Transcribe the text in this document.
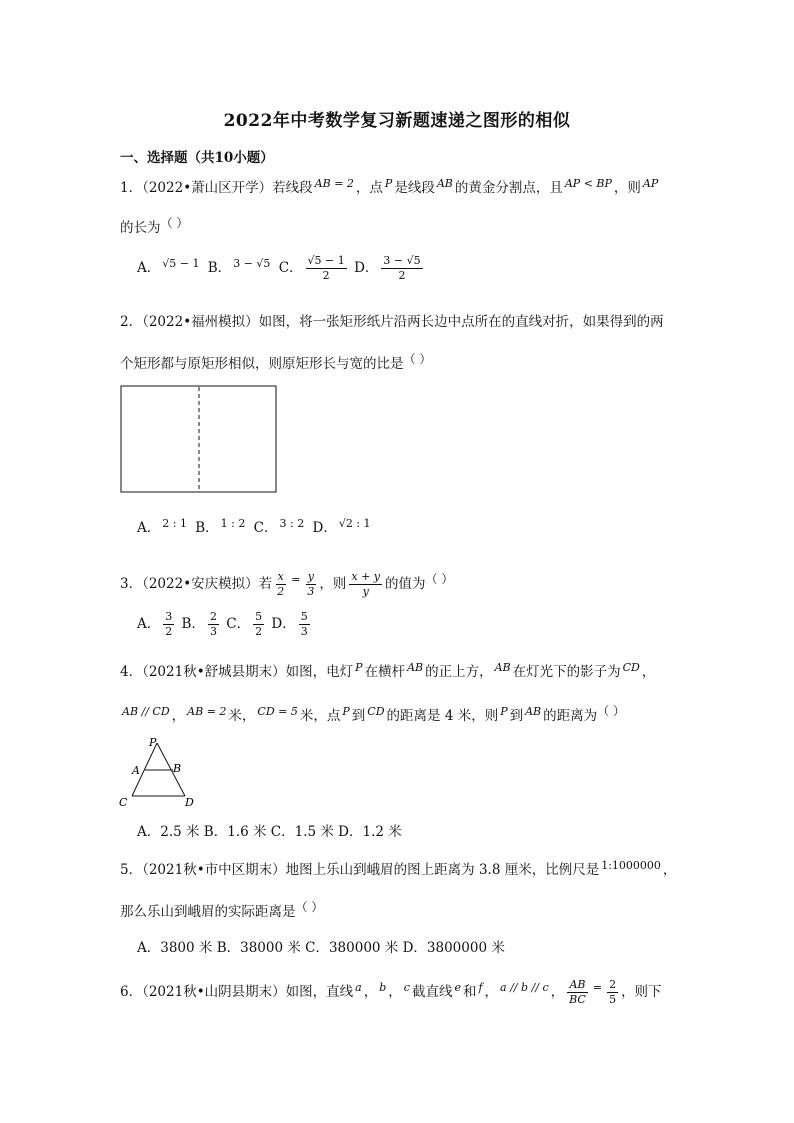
2022年中考数学复习新题速递之图形的相似
一、选择题（共10小题）
1．（2022•萧山区开学）若线段 $^{AB = 2}$ ，点 $^P$ 是线段 $^{AB}$ 的黄金分割点，且 $^{AP < BP}$ ，则 $^{AP}$
的长为（ ）
A． $^{√5 - 1}$ B． $^{3 - √5}$ C． $\frac{√5 - 1}{2}$ D． $\frac{3 - √5}{2}$
2．（2022•福州模拟）如图，将一张矩形纸片沿两长边中点所在的直线对折，如果得到的两
个矩形都与原矩形相似，则原矩形长与宽的比是（ ）
A． $^{2 : 1}$ B． $^{1 : 2}$ C． $^{3 : 2}$ D． $^{√2 : 1}$
3．（2022•安庆模拟）若 $\frac{x}{2} ^= \frac{y}{3}$ ，则 $\frac{x + y}{y}$ 的值为（ ）
A． $\frac{3}{2}$ B． $\frac{2}{3}$ C． $\frac{5}{2}$ D． $\frac{5}{3}$
4．（2021秋•舒城县期末）如图，电灯 $^P$ 在横杆 $^{AB}$ 的正上方， $^{AB}$ 在灯光下的影子为 $^{CD}$ ，
$^{AB // CD}$ ， $^{AB = 2}$ 米， $^{CD = 5}$ 米，点 $^P$ 到 $^{CD}$ 的距离是 4 米，则 $^P$ 到 $^{AB}$ 的距离为（ ）
P
A	B
C	D
A．2.5 米 B．1.6 米 C．1.5 米 D．1.2 米
5．（2021秋•市中区期末）地图上乐山到峨眉的图上距离为 3.8 厘米，比例尺是 $^{1:1000000}$ ，
那么乐山到峨眉的实际距离是（ ）
A．3800 米 B．38000 米 C．380000 米 D．3800000 米
6．（2021秋•山阴县期末）如图，直线 $^a$ ， $^b$ ， $^c$ 截直线 $^e$ 和 $^f$ ， $^{a // b // c}$ ， $\frac{AB}{BC} ^= \frac{2}{5}$ ，则下
